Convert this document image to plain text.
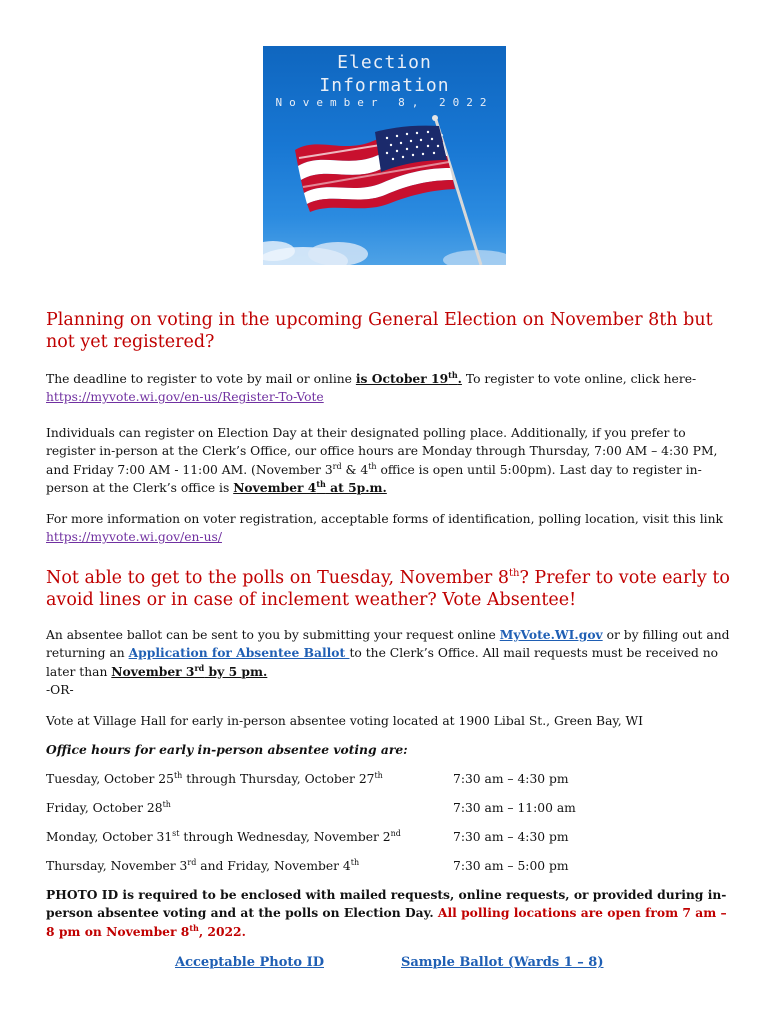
Election
Information
November 8, 2022
Planning on voting in the upcoming General Election on November 8th but not yet registered?

The deadline to register to vote by mail or online is October 19th. To register to vote online, click here-
https://myvote.wi.gov/en-us/Register-To-Vote

Individuals can register on Election Day at their designated polling place. Additionally, if you prefer to register in-person at the Clerk’s Office, our office hours are Monday through Thursday, 7:00 AM – 4:30 PM, and Friday 7:00 AM - 11:00 AM. (November 3rd & 4th office is open until 5:00pm). Last day to register in-person at the Clerk’s office is November 4th at 5p.m.

For more information on voter registration, acceptable forms of identification, polling location, visit this link
https://myvote.wi.gov/en-us/

Not able to get to the polls on Tuesday, November 8th? Prefer to vote early to avoid lines or in case of inclement weather? Vote Absentee!

An absentee ballot can be sent to you by submitting your request online MyVote.WI.gov or by filling out and returning an Application for Absentee Ballot to the Clerk’s Office. All mail requests must be received no later than November 3rd by 5 pm.
-OR-

Vote at Village Hall for early in-person absentee voting located at 1900 Libal St., Green Bay, WI

Office hours for early in-person absentee voting are:

Tuesday, October 25th through Thursday, October 27th	7:30 am – 4:30 pm
Friday, October 28th	7:30 am – 11:00 am
Monday, October 31st through Wednesday, November 2nd	7:30 am – 4:30 pm
Thursday, November 3rd and Friday, November 4th	7:30 am – 5:00 pm

PHOTO ID is required to be enclosed with mailed requests, online requests, or provided during in-person absentee voting and at the polls on Election Day. All polling locations are open from 7 am – 8 pm on November 8th, 2022.

Acceptable Photo ID	Sample Ballot (Wards 1 – 8)
